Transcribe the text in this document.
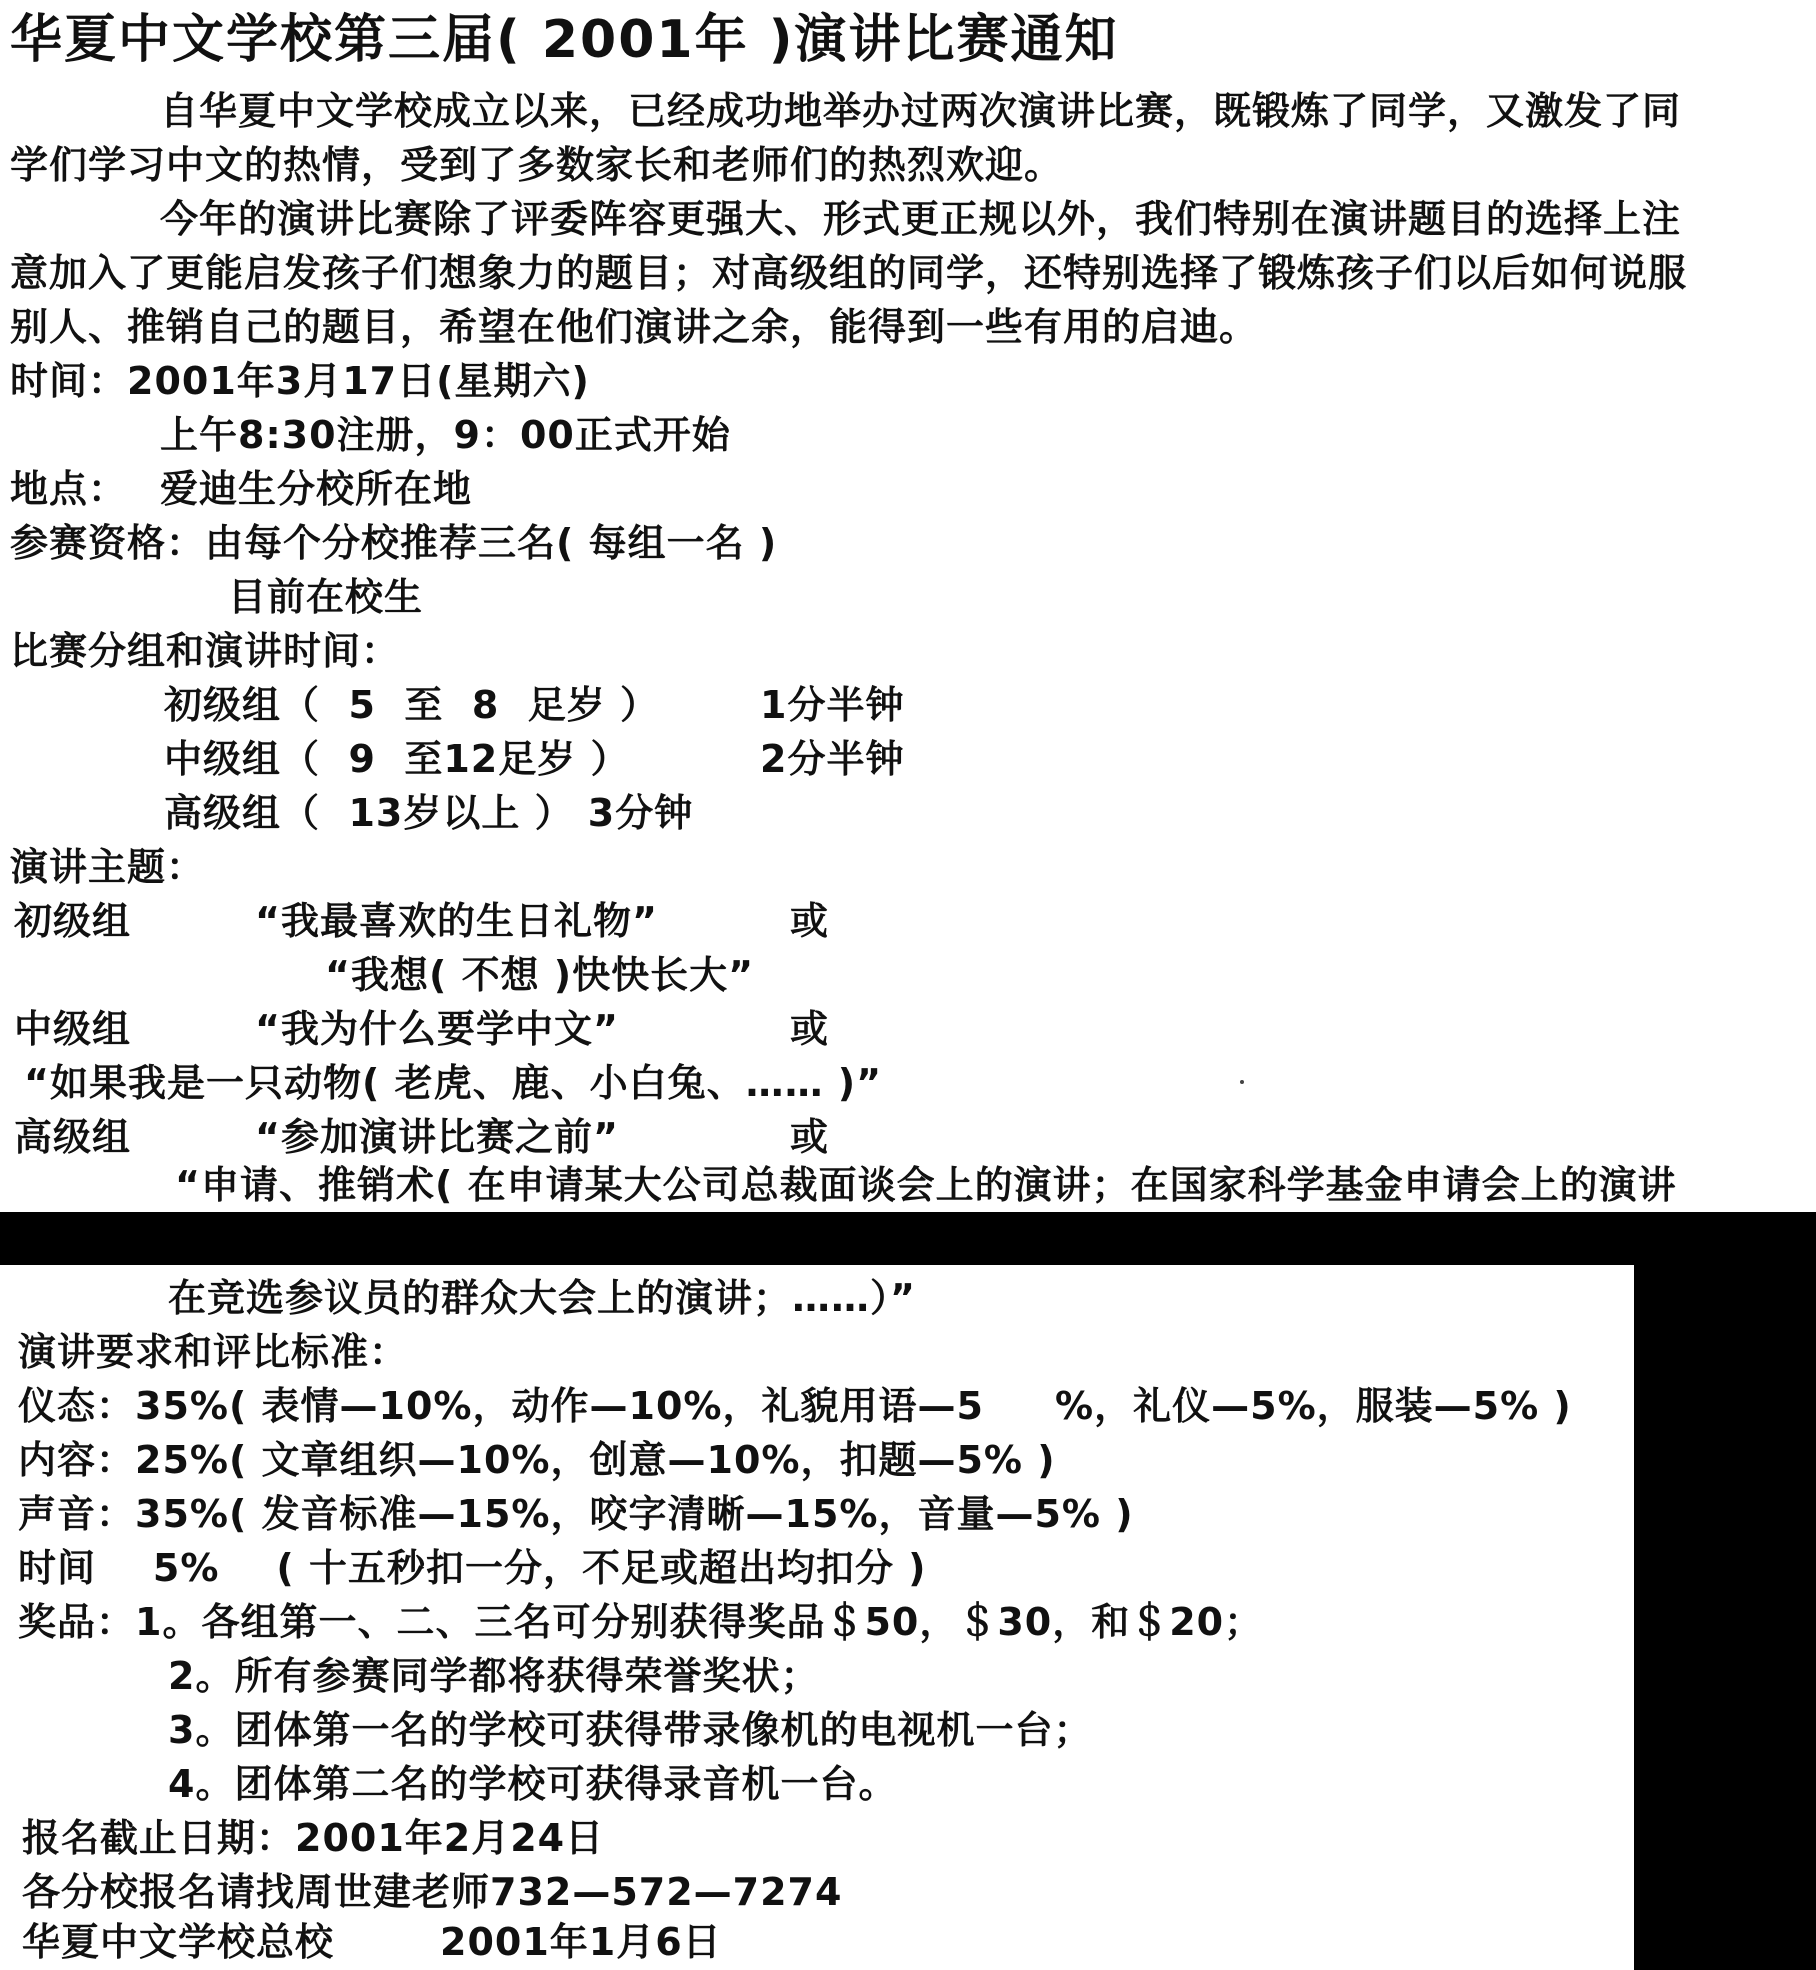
华夏中文学校第三届( 2001年 )演讲比赛通知
自华夏中文学校成立以来，已经成功地举办过两次演讲比赛，既锻炼了同学，又激发了同
学们学习中文的热情，受到了多数家长和老师们的热烈欢迎。
今年的演讲比赛除了评委阵容更强大、形式更正规以外，我们特别在演讲题目的选择上注
意加入了更能启发孩子们想象力的题目；对高级组的同学，还特别选择了锻炼孩子们以后如何说服
别人、推销自己的题目，希望在他们演讲之余，能得到一些有用的启迪。
时间：2001年3月17日(星期六)
上午8:30注册，9：00正式开始
地点： 爱迪生分校所在地
参赛资格：由每个分校推荐三名( 每组一名 )
目前在校生
比赛分组和演讲时间：
初级组（  5  至  8  足岁 ）	1分半钟
中级组（  9  至12足岁 ）	2分半钟
高级组（  13岁以上 ） 3分钟
演讲主题：
初级组	“我最喜欢的生日礼物”	或
“我想( 不想 )快快长大”
中级组	“我为什么要学中文”	或
“如果我是一只动物( 老虎、鹿、小白兔、…… )”
高级组	“参加演讲比赛之前”	或
“申请、推销术( 在申请某大公司总裁面谈会上的演讲；在国家科学基金申请会上的演讲
在竞选参议员的群众大会上的演讲；……）”
演讲要求和评比标准：
仪态：35%( 表情—10%，动作—10%，礼貌用语—5     %，礼仪—5%，服装—5% )
内容：25%( 文章组织—10%，创意—10%，扣题—5% )
声音：35%( 发音标准—15%，咬字清晰—15%，音量—5% )
时间    5%    ( 十五秒扣一分，不足或超出均扣分 )
奖品：1。各组第一、二、三名可分别获得奖品＄50，＄30，和＄20；
2。所有参赛同学都将获得荣誉奖状；
3。团体第一名的学校可获得带录像机的电视机一台；
4。团体第二名的学校可获得录音机一台。
报名截止日期：2001年2月24日
各分校报名请找周世建老师732—572—7274
华夏中文学校总校	2001年1月6日
